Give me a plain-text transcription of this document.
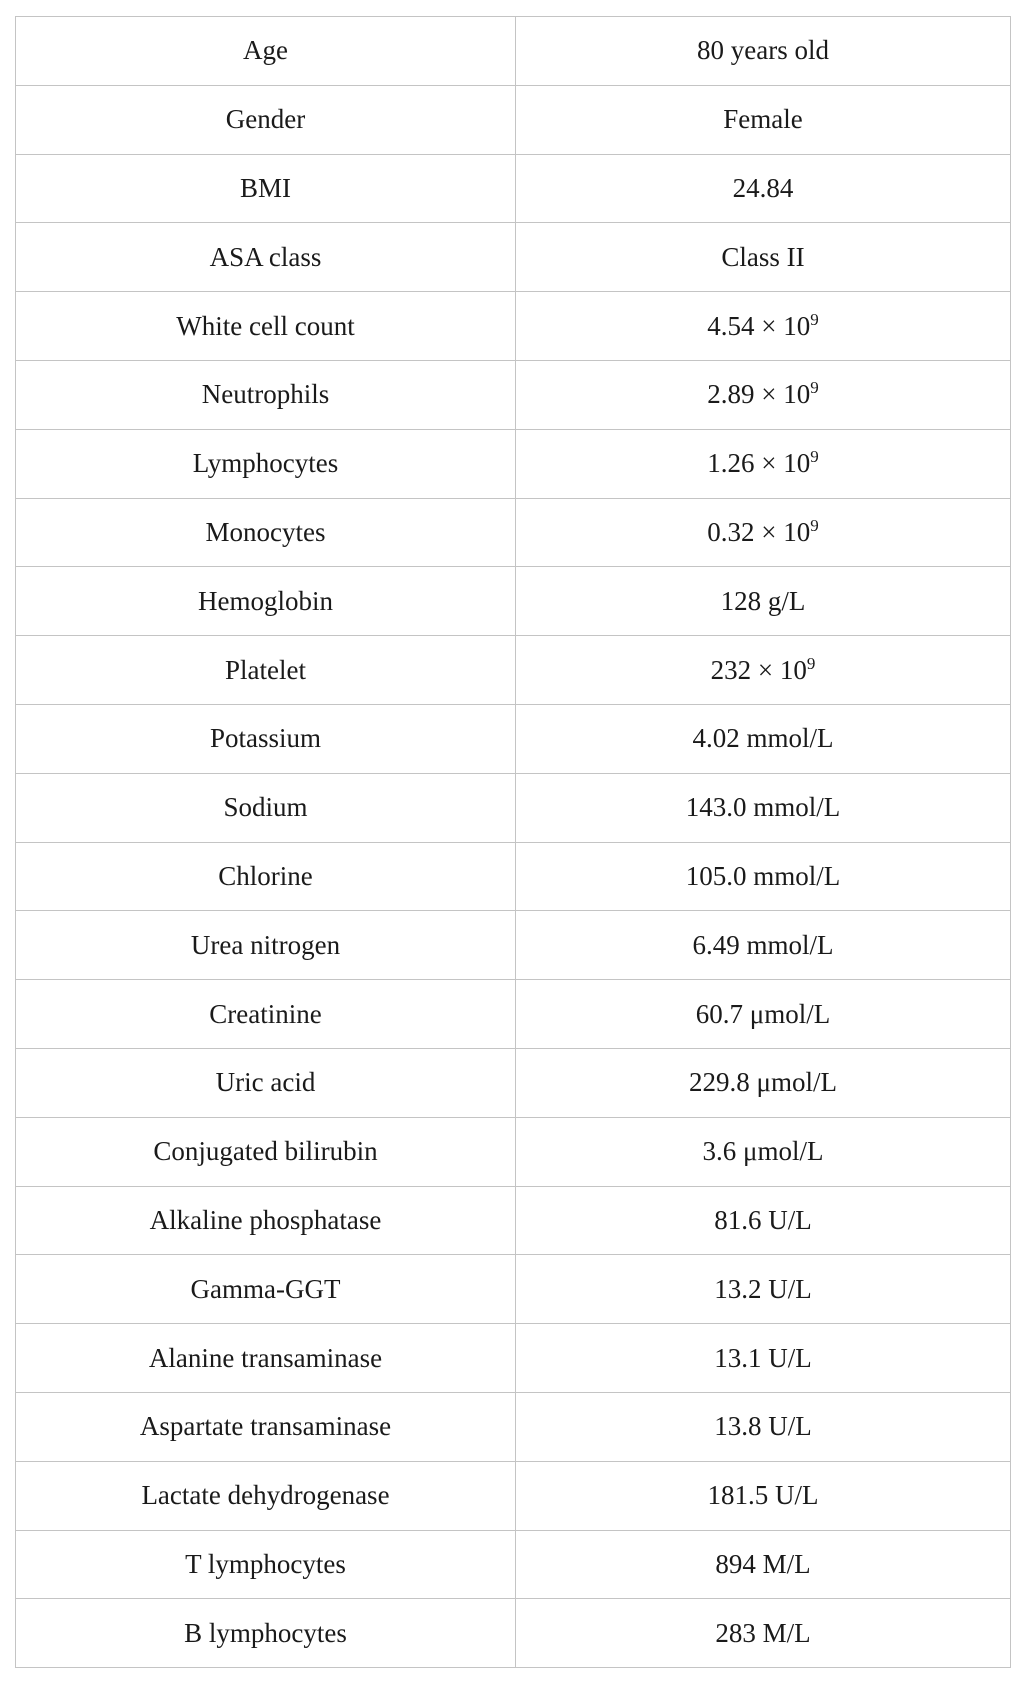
Age	80 years old
Gender	Female
BMI	24.84
ASA class	Class II
White cell count	$4.54 \times 10^9$
Neutrophils	$2.89 \times 10^9$
Lymphocytes	$1.26 \times 10^9$
Monocytes	$0.32 \times 10^9$
Hemoglobin	128 g/L
Platelet	$232 \times 10^9$
Potassium	4.02 mmol/L
Sodium	143.0 mmol/L
Chlorine	105.0 mmol/L
Urea nitrogen	6.49 mmol/L
Creatinine	60.7 μmol/L
Uric acid	229.8 μmol/L
Conjugated bilirubin	3.6 μmol/L
Alkaline phosphatase	81.6 U/L
Gamma-GGT	13.2 U/L
Alanine transaminase	13.1 U/L
Aspartate transaminase	13.8 U/L
Lactate dehydrogenase	181.5 U/L
T lymphocytes	894 M/L
B lymphocytes	283 M/L
